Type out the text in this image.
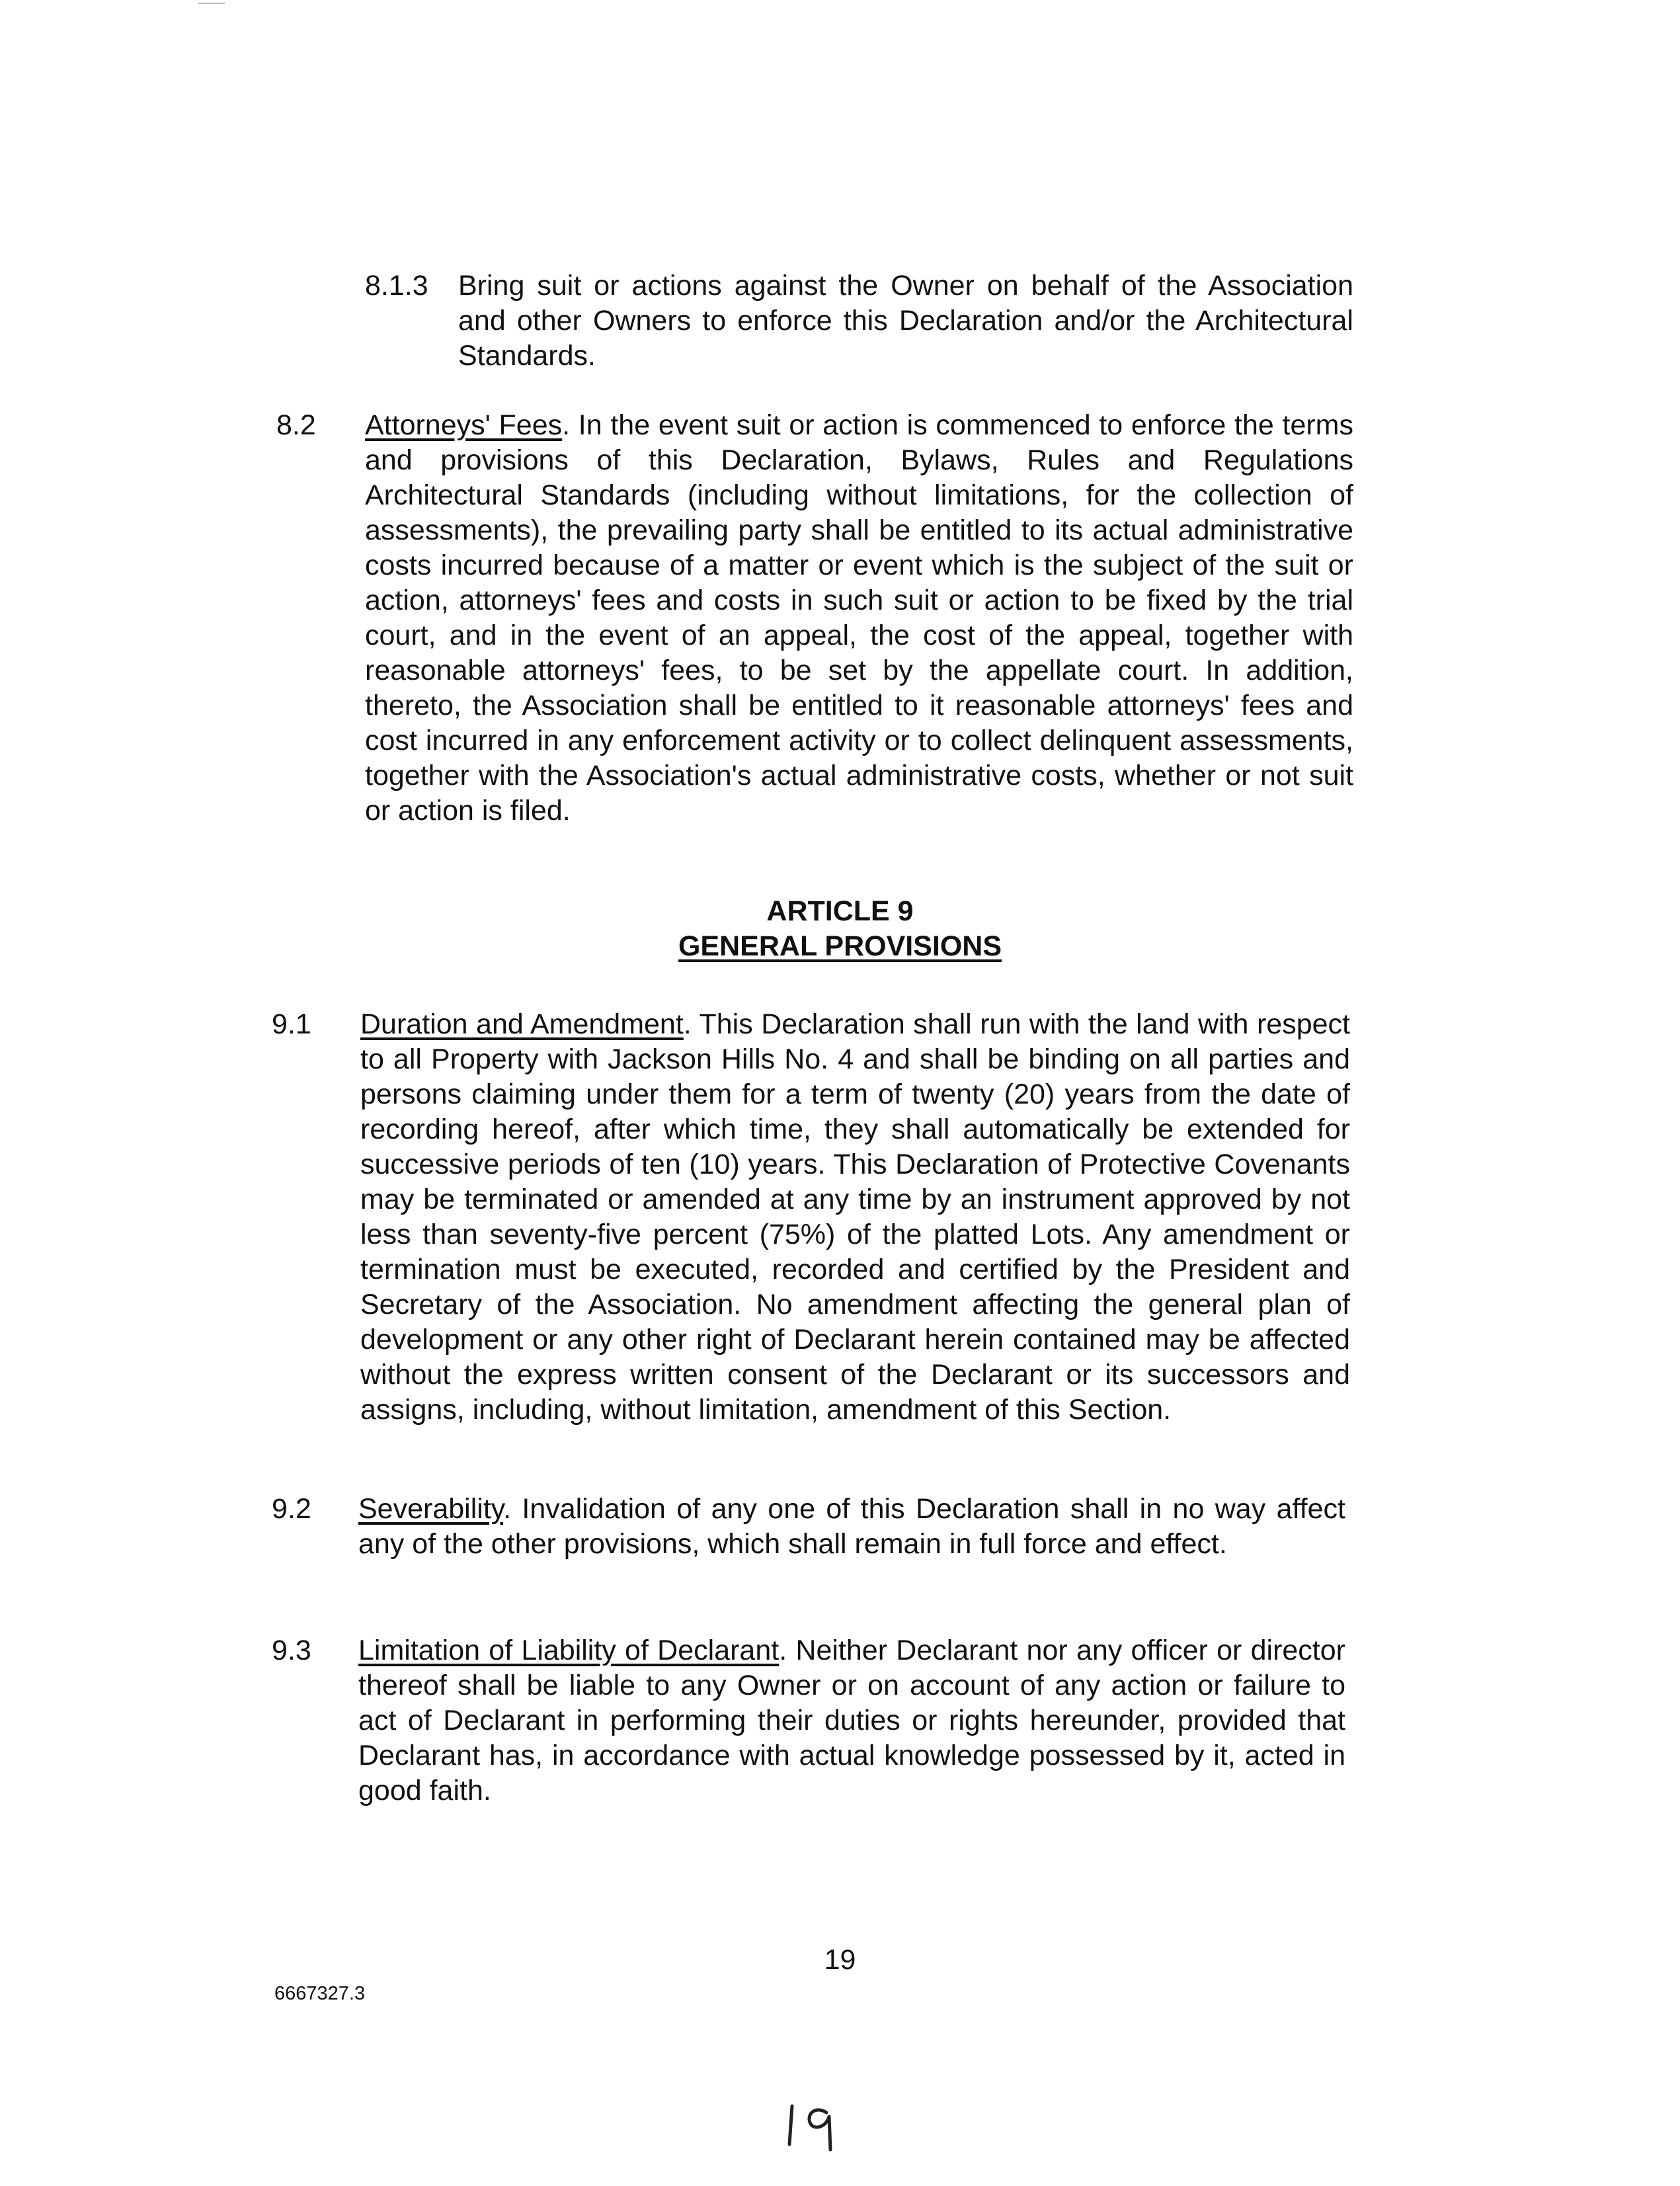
8.1.3 Bring suit or actions against the Owner on behalf of the Association and other Owners to enforce this Declaration and/or the Architectural Standards.

8.2 Attorneys' Fees. In the event suit or action is commenced to enforce the terms and provisions of this Declaration, Bylaws, Rules and Regulations Architectural Standards (including without limitations, for the collection of assessments), the prevailing party shall be entitled to its actual administrative costs incurred because of a matter or event which is the subject of the suit or action, attorneys' fees and costs in such suit or action to be fixed by the trial court, and in the event of an appeal, the cost of the appeal, together with reasonable attorneys' fees, to be set by the appellate court. In addition, thereto, the Association shall be entitled to it reasonable attorneys' fees and cost incurred in any enforcement activity or to collect delinquent assessments, together with the Association's actual administrative costs, whether or not suit or action is filed.

ARTICLE 9

GENERAL PROVISIONS

9.1 Duration and Amendment. This Declaration shall run with the land with respect to all Property with Jackson Hills No. 4 and shall be binding on all parties and persons claiming under them for a term of twenty (20) years from the date of recording hereof, after which time, they shall automatically be extended for successive periods of ten (10) years. This Declaration of Protective Covenants may be terminated or amended at any time by an instrument approved by not less than seventy-five percent (75%) of the platted Lots. Any amendment or termination must be executed, recorded and certified by the President and Secretary of the Association. No amendment affecting the general plan of development or any other right of Declarant herein contained may be affected without the express written consent of the Declarant or its successors and assigns, including, without limitation, amendment of this Section.

9.2 Severability. Invalidation of any one of this Declaration shall in no way affect any of the other provisions, which shall remain in full force and effect.

9.3 Limitation of Liability of Declarant. Neither Declarant nor any officer or director thereof shall be liable to any Owner or on account of any action or failure to act of Declarant in performing their duties or rights hereunder, provided that Declarant has, in accordance with actual knowledge possessed by it, acted in good faith.

19

6667327.3
